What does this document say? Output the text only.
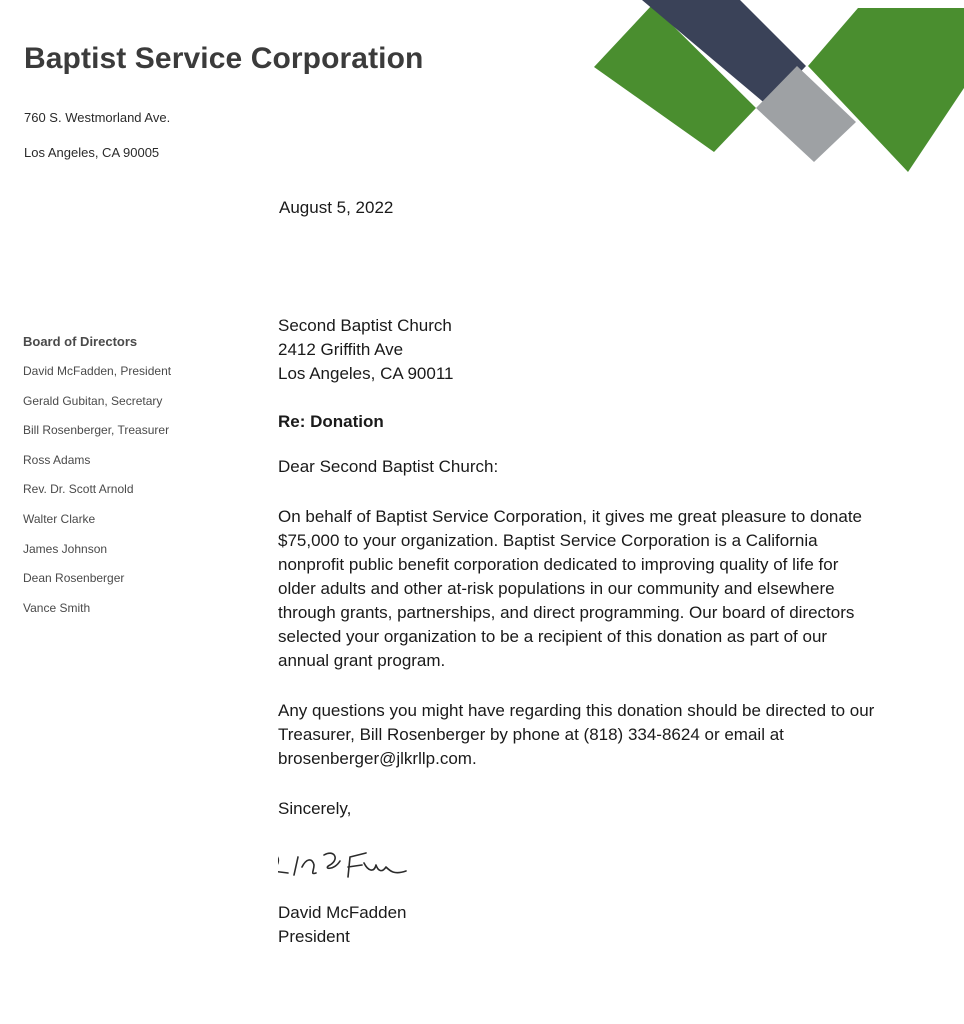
Baptist Service Corporation
760 S. Westmorland Ave.
Los Angeles, CA 90005
August 5, 2022
Board of Directors
David McFadden, President
Gerald Gubitan, Secretary
Bill Rosenberger, Treasurer
Ross Adams
Rev. Dr. Scott Arnold
Walter Clarke
James Johnson
Dean Rosenberger
Vance Smith
Second Baptist Church
2412 Griffith Ave
Los Angeles, CA 90011
Re: Donation
Dear Second Baptist Church:

On behalf of Baptist Service Corporation, it gives me great pleasure to donate $75,000 to your organization. Baptist Service Corporation is a California nonprofit public benefit corporation dedicated to improving quality of life for older adults and other at-risk populations in our community and elsewhere through grants, partnerships, and direct programming. Our board of directors selected your organization to be a recipient of this donation as part of our annual grant program.

Any questions you might have regarding this donation should be directed to our Treasurer, Bill Rosenberger by phone at (818) 334-8624 or email at brosenberger@jlkrllp.com.

Sincerely,
David McFadden
President
